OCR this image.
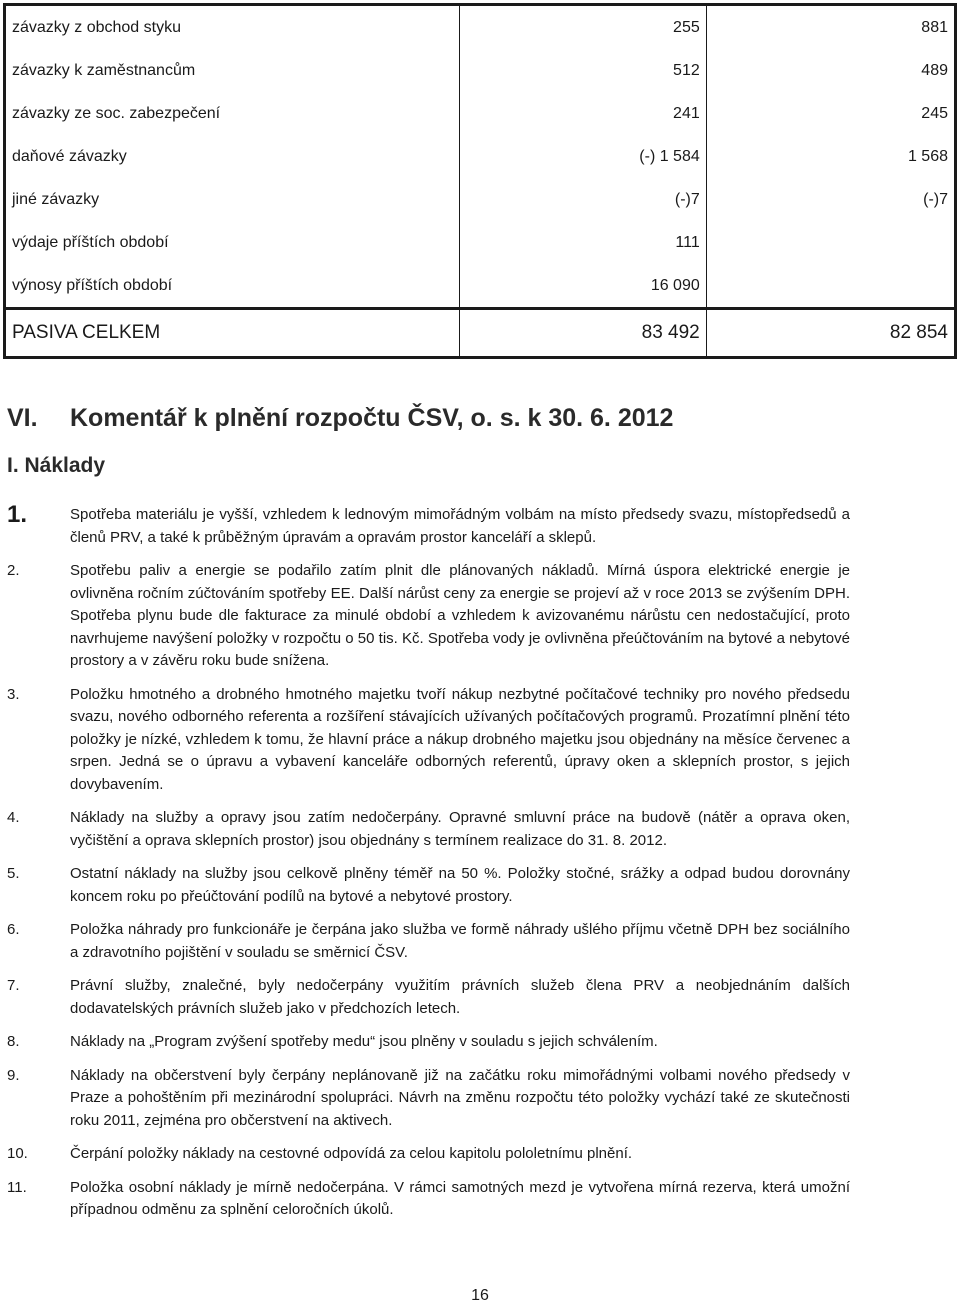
závazky z obchod styku	255	881
závazky k zaměstnancům	512	489
závazky ze soc. zabezpečení	241	245
daňové závazky	(-) 1 584	1 568
jiné závazky	(-)7	(-)7
výdaje příštích období	111	
výnosy příštích období	16 090	
PASIVA CELKEM	83 492	82 854
VI. Komentář k plnění rozpočtu ČSV, o. s. k 30. 6. 2012
I. Náklady
1.	Spotřeba materiálu je vyšší, vzhledem k lednovým mimořádným volbám na místo předsedy svazu, místopředsedů a členů PRV, a také k průběžným úpravám a opravám prostor kanceláří a sklepů.
2.	Spotřebu paliv a energie se podařilo zatím plnit dle plánovaných nákladů. Mírná úspora elektrické energie je ovlivněna ročním zúčtováním spotřeby EE. Další nárůst ceny za energie se projeví až v roce 2013 se zvýšením DPH. Spotřeba plynu bude dle fakturace za minulé období a vzhledem k avizovanému nárůstu cen nedostačující, proto navrhujeme navýšení položky v rozpočtu o 50 tis. Kč. Spotřeba vody je ovlivněna přeúčtováním na bytové a nebytové prostory a v závěru roku bude snížena.
3.	Položku hmotného a drobného hmotného majetku tvoří nákup nezbytné počítačové techniky pro nového předsedu svazu, nového odborného referenta a rozšíření stávajících užívaných počítačových programů. Prozatímní plnění této položky je nízké, vzhledem k tomu, že hlavní práce a nákup drobného majetku jsou objednány na měsíce červenec a srpen. Jedná se o úpravu a vybavení kanceláře odborných referentů, úpravy oken a sklepních prostor, s jejich dovybavením.
4.	Náklady na služby a opravy jsou zatím nedočerpány. Opravné smluvní práce na budově (nátěr a oprava oken, vyčištění a oprava sklepních prostor) jsou objednány s termínem realizace do 31. 8. 2012.
5.	Ostatní náklady na služby jsou celkově plněny téměř na 50 %. Položky stočné, srážky a odpad budou dorovnány koncem roku po přeúčtování podílů na bytové a nebytové prostory.
6.	Položka náhrady pro funkcionáře je čerpána jako služba ve formě náhrady ušlého příjmu včetně DPH bez sociálního a zdravotního pojištění v souladu se směrnicí ČSV.
7.	Právní služby, znalečné, byly nedočerpány využitím právních služeb člena PRV a neobjednáním dalších dodavatelských právních služeb jako v předchozích letech.
8.	Náklady na „Program zvýšení spotřeby medu“ jsou plněny v souladu s jejich schválením.
9.	Náklady na občerstvení byly čerpány neplánovaně již na začátku roku mimořádnými volbami nového předsedy v Praze a pohoštěním při mezinárodní spolupráci. Návrh na změnu rozpočtu této položky vychází také ze skutečnosti roku 2011, zejména pro občerstvení na aktivech.
10.	Čerpání položky náklady na cestovné odpovídá za celou kapitolu pololetnímu plnění.
11.	Položka osobní náklady je mírně nedočerpána. V rámci samotných mezd je vytvořena mírná rezerva, která umožní případnou odměnu za splnění celoročních úkolů.
16
